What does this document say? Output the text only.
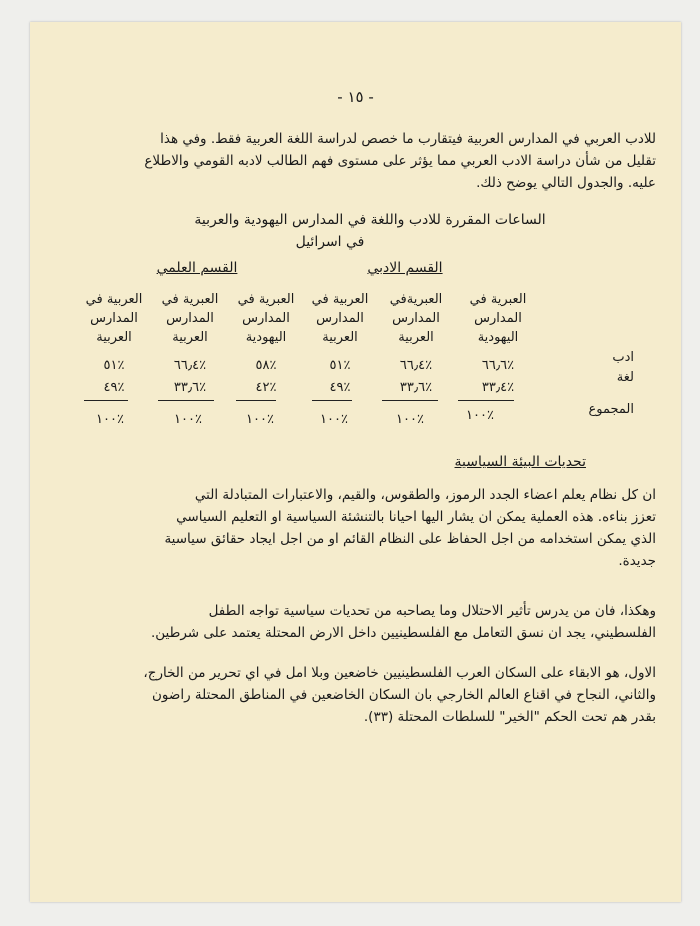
- ١٥ -
للادب العربي في المدارس العربية فيتقارب ما خصص لدراسة اللغة العربية فقط. وفي هذا
تقليل من شأن دراسة الادب العربي مما يؤثر على مستوى فهم الطالب لادبه القومي والاطلاع
عليه. والجدول التالي يوضح ذلك.
الساعات المقررة للادب واللغة في المدارس اليهودية والعربية
في اسرائيل
القسم الادبي
القسم العلمي
العبرية في المدارس اليهودية
العبريةفي المدارس العربية
العربية في المدارس العربية
العبرية في المدارس اليهودية
العبرية في المدارس العربية
العربية في المدارس العربية
ادب
لغة
المجموع
٦٦٫٦٪
٦٦٫٤٪
٥١٪
٥٨٪
٦٦٫٤٪
٥١٪
٣٣٫٤٪
٣٣٫٦٪
٤٩٪
٤٢٪
٣٣٫٦٪
٤٩٪
١٠٠٪
١٠٠٪
١٠٠٪
١٠٠٪
١٠٠٪
١٠٠٪
تحديات البيئة السياسية
ان كل نظام يعلم اعضاء الجدد الرموز، والطقوس، والقيم، والاعتبارات المتبادلة التي
تعزز بناءه. هذه العملية يمكن ان يشار اليها احيانا بالتنشئة السياسية او التعليم السياسي
الذي يمكن استخدامه من اجل الحفاظ على النظام القائم او من اجل ايجاد حقائق سياسية
جديدة.
وهكذا، فان من يدرس تأثير الاحتلال وما يصاحبه من تحديات سياسية تواجه الطفل
الفلسطيني، يجد ان نسق التعامل مع الفلسطينيين داخل الارض المحتلة يعتمد على شرطين.
الاول، هو الابقاء على السكان العرب الفلسطينيين خاضعين وبلا امل في اي تحرير من الخارج،
والثاني، النجاح في اقناع العالم الخارجي بان السكان الخاضعين في المناطق المحتلة راضون
بقدر هم تحت الحكم "الخير" للسلطات المحتلة (٣٣).
